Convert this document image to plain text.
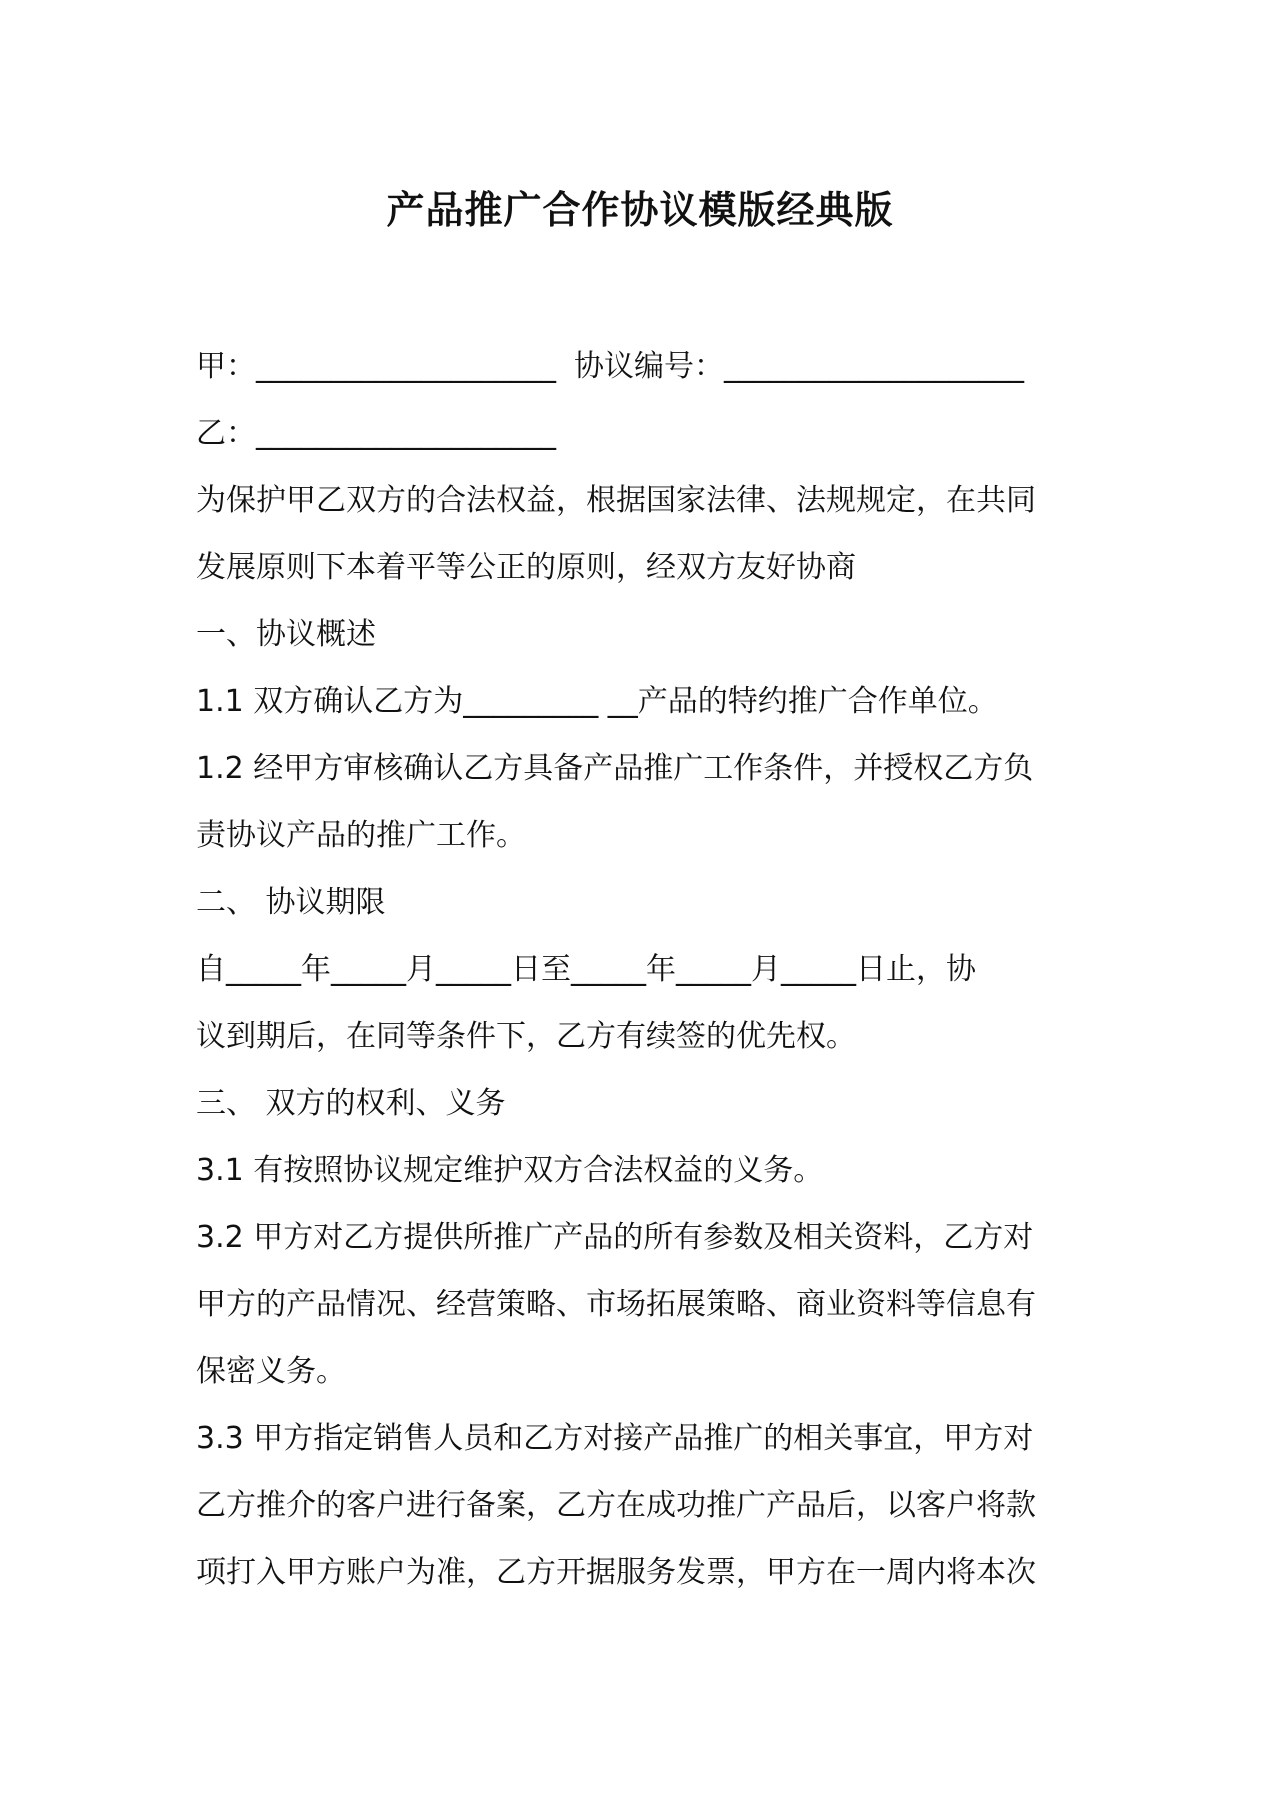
产品推广合作协议模版经典版
甲：____________________ 协议编号：____________________
乙：____________________
为保护甲乙双方的合法权益，根据国家法律、法规规定，在共同
发展原则下本着平等公正的原则，经双方友好协商
一、协议概述
1.1 双方确认乙方为_________ __产品的特约推广合作单位。
1.2 经甲方审核确认乙方具备产品推广工作条件，并授权乙方负
责协议产品的推广工作。
二、 协议期限
自_____年_____月_____日至_____年_____月_____日止，协
议到期后，在同等条件下，乙方有续签的优先权。
三、 双方的权利、义务
3.1 有按照协议规定维护双方合法权益的义务。
3.2 甲方对乙方提供所推广产品的所有参数及相关资料，乙方对
甲方的产品情况、经营策略、市场拓展策略、商业资料等信息有
保密义务。
3.3 甲方指定销售人员和乙方对接产品推广的相关事宜，甲方对
乙方推介的客户进行备案，乙方在成功推广产品后，以客户将款
项打入甲方账户为准，乙方开据服务发票，甲方在一周内将本次
